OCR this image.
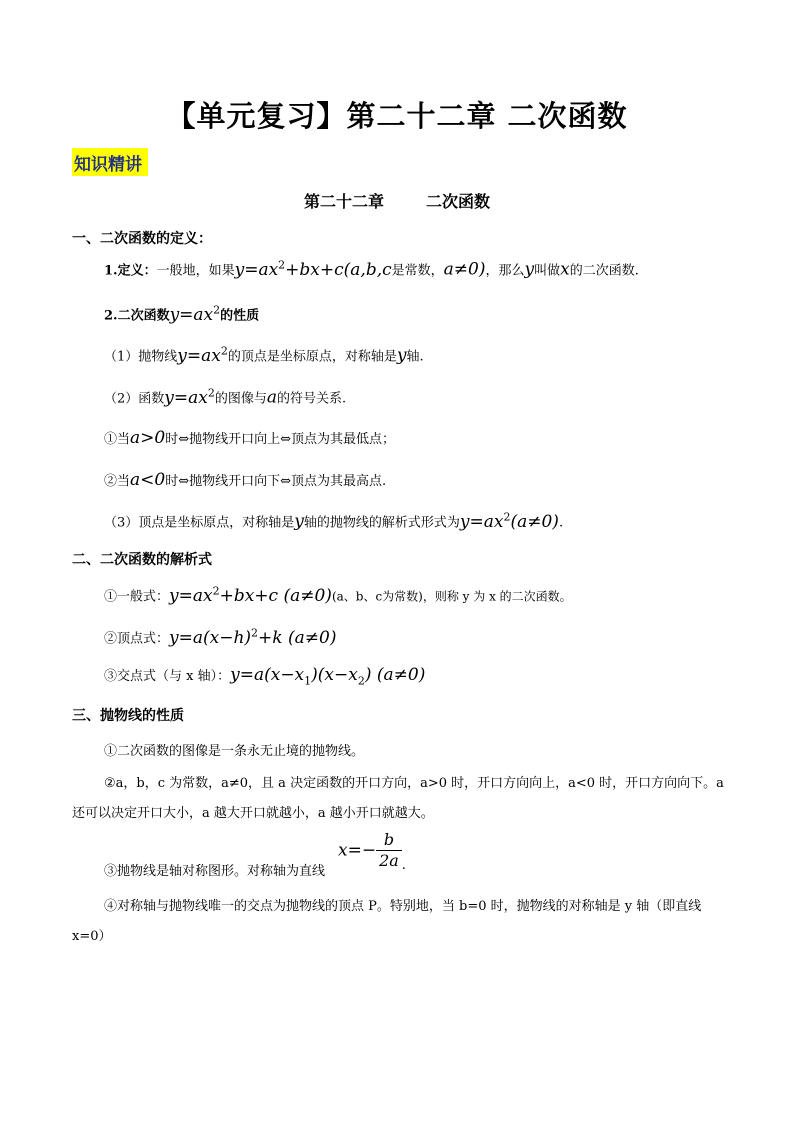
【单元复习】第二十二章 二次函数
知识精讲
第二十二章	二次函数
一、二次函数的定义：
1.定义：一般地，如果$y=ax^2+bx+c(a,b,c$是常数，a≠0)，那么y叫做x的二次函数.
2.二次函数$y=ax^2$的性质
（1）抛物线$y=ax^2$的顶点是坐标原点，对称轴是y轴.
（2）函数$y=ax^2$的图像与a的符号关系.
①当a>0时⇔抛物线开口向上⇔顶点为其最低点；
②当a<0时⇔抛物线开口向下⇔顶点为其最高点.
（3）顶点是坐标原点，对称轴是y轴的抛物线的解析式形式为$y=ax^2(a\ne 0)$.
二、二次函数的解析式
①一般式：$y=ax^2+bx+c$ (a≠0)(a、b、c为常数)，则称 y 为 x 的二次函数。
②顶点式：$y=a(x-h)^2+k$ (a≠0)
③交点式（与 x 轴）：$y=a(x-x_1)(x-x_2)$ (a≠0)
三、抛物线的性质
①二次函数的图像是一条永无止境的抛物线。
②a，b，c 为常数，a≠0，且 a 决定函数的开口方向，a>0 时，开口方向向上，a<0 时，开口方向向下。a
还可以决定开口大小，a 越大开口就越小，a 越小开口就越大。
③抛物线是轴对称图形。对称轴为直线
$x=- \frac{b}{2a} _.$
④对称轴与抛物线唯一的交点为抛物线的顶点 P。特别地，当 b=0 时，抛物线的对称轴是 y 轴（即直线
x=0）
